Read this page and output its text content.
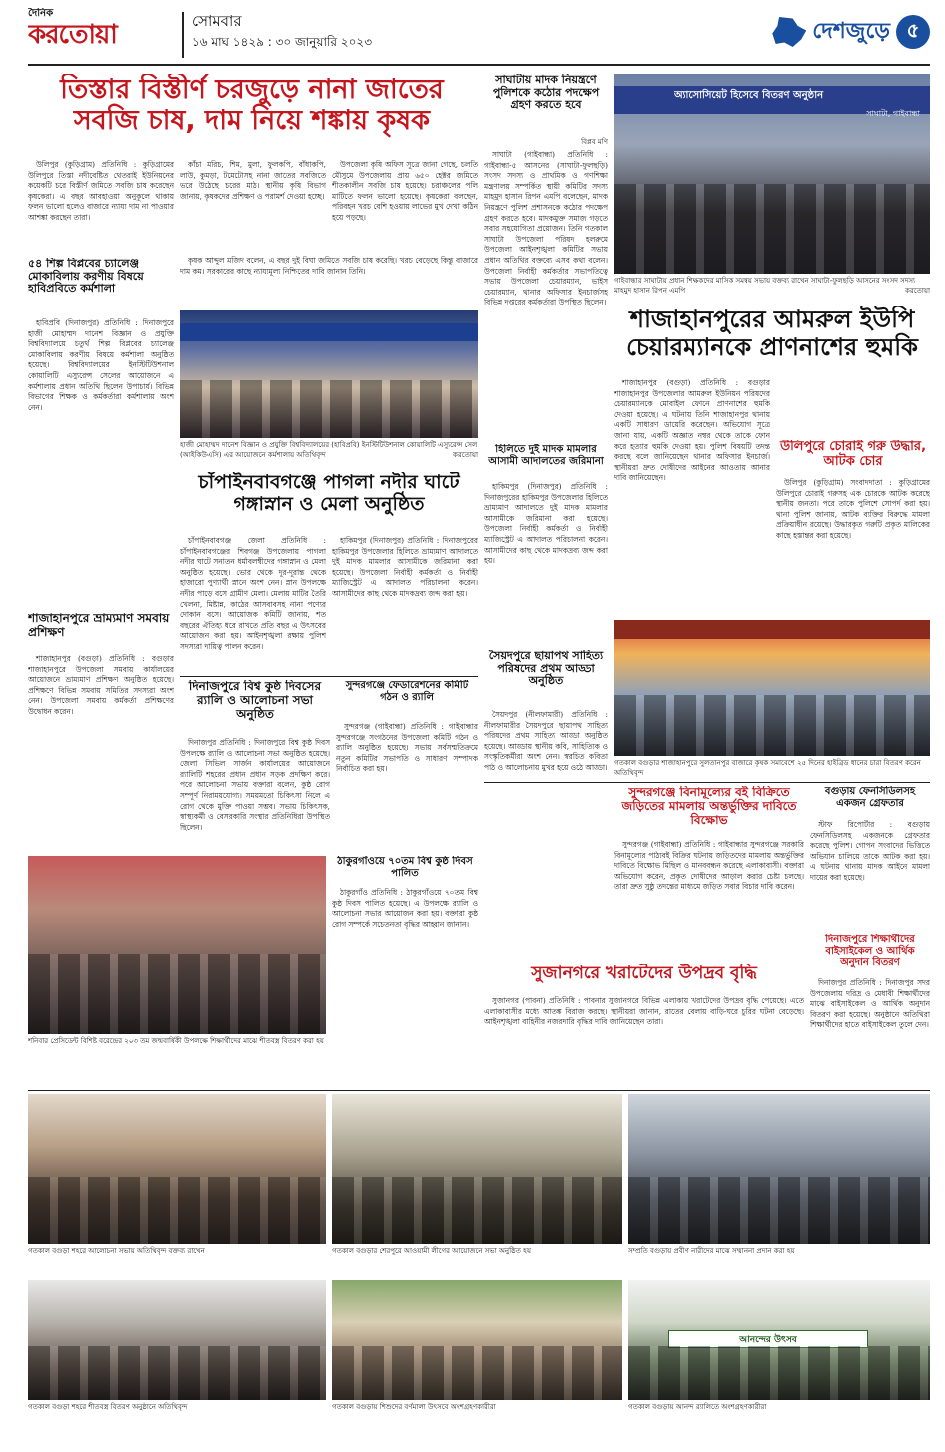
দৈনিক
করতোয়া	সোমবার
১৬ মাঘ ১৪২৯ : ৩০ জানুয়ারি ২০২৩	দেশজুড়ে ৫
তিস্তার বিস্তীর্ণ চরজুড়ে নানা জাতের সবজি চাষ, দাম নিয়ে শঙ্কায় কৃষক

উলিপুর (কুড়িগ্রাম) প্রতিনিধি : কুড়িগ্রামের উলিপুরে তিস্তা নদীবেষ্টিত থেতরাই ইউনিয়নের কয়েকটি চরে বিস্তীর্ণ জমিতে সবজি চাষ করেছেন কৃষকেরা। এ বছর আবহাওয়া অনুকূলে থাকায় ফলন ভালো হলেও বাজারে ন্যায্য দাম না পাওয়ার আশঙ্কা করছেন তারা।

কাঁচা মরিচ, শিম, মুলা, ফুলকপি, বাঁধাকপি, লাউ, কুমড়া, টমেটোসহ নানা জাতের সবজিতে ভরে উঠেছে চরের মাঠ। স্থানীয় কৃষি বিভাগ জানায়, কৃষকদের প্রশিক্ষণ ও পরামর্শ দেওয়া হচ্ছে।

উপজেলা কৃষি অফিস সূত্রে জানা গেছে, চলতি মৌসুমে উপজেলায় প্রায় ৬৫০ হেক্টর জমিতে শীতকালীন সবজি চাষ হয়েছে। চরাঞ্চলের পলি মাটিতে ফলন ভালো হয়েছে। কৃষকেরা বলছেন, পরিবহন খরচ বেশি হওয়ায় লাভের মুখ দেখা কঠিন হয়ে পড়ছে।

কৃষক আব্দুল মজিদ বলেন, এ বছর দুই বিঘা জমিতে সবজি চাষ করেছি। খরচ বেড়েছে কিন্তু বাজারে দাম কম। সরকারের কাছে ন্যায্যমূল্য নিশ্চিতের দাবি জানান তিনি।

৫৪ শিল্প বিপ্লবের চ্যালেঞ্জ মোকাবিলায় করণীয় বিষয়ে হাবিপ্রবিতে কর্মশালা

হাবিপ্রবি (দিনাজপুর) প্রতিনিধি : দিনাজপুরে হাজী মোহাম্মদ দানেশ বিজ্ঞান ও প্রযুক্তি বিশ্ববিদ্যালয়ে চতুর্থ শিল্প বিপ্লবের চ্যালেঞ্জ মোকাবিলায় করণীয় বিষয়ে কর্মশালা অনুষ্ঠিত হয়েছে। বিশ্ববিদ্যালয়ের ইনস্টিটিউশনাল কোয়ালিটি এস্যুরেন্স সেলের আয়োজনে এ কর্মশালায় প্রধান অতিথি ছিলেন উপাচার্য। বিভিন্ন বিভাগের শিক্ষক ও কর্মকর্তারা কর্মশালায় অংশ নেন।

হাজী মোহাম্মদ দানেশ বিজ্ঞান ও প্রযুক্তি বিশ্ববিদ্যালয়ের (হাবিপ্রবি) ইনস্টিটিউশনাল কোয়ালিটি এস্যুরেন্স সেল (আইকিউএসি) এর আয়োজনে কর্মশালায় অতিথিবৃন্দ	করতোয়া
চাঁপাইনবাবগঞ্জে পাগলা নদীর ঘাটে গঙ্গাস্নান ও মেলা অনুষ্ঠিত

চাঁপাইনবাবগঞ্জ জেলা প্রতিনিধি : চাঁপাইনবাবগঞ্জের শিবগঞ্জ উপজেলায় পাগলা নদীর ঘাটে সনাতন ধর্মাবলম্বীদের গঙ্গাস্নান ও মেলা অনুষ্ঠিত হয়েছে। ভোর থেকে দূর-দূরান্ত থেকে হাজারো পুণ্যার্থী স্নানে অংশ নেন। স্নান উপলক্ষে নদীর পাড়ে বসে গ্রামীণ মেলা। মেলায় মাটির তৈরি খেলনা, মিষ্টান্ন, কাঠের আসবাবসহ নানা পণ্যের দোকান বসে। আয়োজক কমিটি জানায়, শত বছরের ঐতিহ্য ধরে রাখতে প্রতি বছর এ উৎসবের আয়োজন করা হয়। আইনশৃঙ্খলা রক্ষায় পুলিশ সদস্যরা দায়িত্ব পালন করেন।

হাকিমপুর (দিনাজপুর) প্রতিনিধি : দিনাজপুরের হাকিমপুর উপজেলার হিলিতে ভ্রাম্যমাণ আদালতে দুই মাদক মামলার আসামীকে জরিমানা করা হয়েছে। উপজেলা নির্বাহী কর্মকর্তা ও নির্বাহী ম্যাজিস্ট্রেট এ আদালত পরিচালনা করেন। আসামীদের কাছ থেকে মাদকদ্রব্য জব্দ করা হয়।

শাজাহানপুরে ভ্রাম্যমাণ সমবায় প্রশিক্ষণ

শাজাহানপুর (বগুড়া) প্রতিনিধি : বগুড়ার শাজাহানপুরে উপজেলা সমবায় কার্যালয়ের আয়োজনে ভ্রাম্যমাণ প্রশিক্ষণ অনুষ্ঠিত হয়েছে। প্রশিক্ষণে বিভিন্ন সমবায় সমিতির সদস্যরা অংশ নেন। উপজেলা সমবায় কর্মকর্তা প্রশিক্ষণের উদ্বোধন করেন।

দিনাজপুরে বিশ্ব কুষ্ঠ দিবসের র‌্যালি ও আলোচনা সভা অনুষ্ঠিত

দিনাজপুর প্রতিনিধি : দিনাজপুরে বিশ্ব কুষ্ঠ দিবস উপলক্ষে র‌্যালি ও আলোচনা সভা অনুষ্ঠিত হয়েছে। জেলা সিভিল সার্জন কার্যালয়ের আয়োজনে র‌্যালিটি শহরের প্রধান প্রধান সড়ক প্রদক্ষিণ করে। পরে আলোচনা সভায় বক্তারা বলেন, কুষ্ঠ রোগ সম্পূর্ণ নিরাময়যোগ্য। সময়মতো চিকিৎসা নিলে এ রোগ থেকে মুক্তি পাওয়া সম্ভব। সভায় চিকিৎসক, স্বাস্থ্যকর্মী ও বেসরকারি সংস্থার প্রতিনিধিরা উপস্থিত ছিলেন।

সুন্দরগঞ্জে ফেডারেশনের কমিটি গঠন ও র‌্যালি

সুন্দরগঞ্জ (গাইবান্ধা) প্রতিনিধি : গাইবান্ধার সুন্দরগঞ্জে সংগঠনের উপজেলা কমিটি গঠন ও র‌্যালি অনুষ্ঠিত হয়েছে। সভায় সর্বসম্মতিক্রমে নতুন কমিটির সভাপতি ও সাধারণ সম্পাদক নির্বাচিত করা হয়।

শনিবার প্রেসিডেন্ট বিশিষ্ট বরেন্দ্রের ২০৩ তম জন্মবার্ষিকী উপলক্ষে শিক্ষার্থীদের মাঝে শীতবস্ত্র বিতরণ করা হয়
ঠাকুরগাঁওয়ে ৭০তম বিশ্ব কুষ্ঠ দিবস পালিত

ঠাকুরগাঁও প্রতিনিধি : ঠাকুরগাঁওয়ে ৭০তম বিশ্ব কুষ্ঠ দিবস পালিত হয়েছে। এ উপলক্ষে র‌্যালি ও আলোচনা সভার আয়োজন করা হয়। বক্তারা কুষ্ঠ রোগ সম্পর্কে সচেতনতা বৃদ্ধির আহ্বান জানান।

সাঘাটায় মাদক নিয়ন্ত্রণে পুলিশকে কঠোর পদক্ষেপ গ্রহণ করতে হবে
বিপ্লব মণি

সাঘাটা (গাইবান্ধা) প্রতিনিধি : গাইবান্ধা-৫ আসনের (সাঘাটা-ফুলছড়ি) সংসদ সদস্য ও প্রাথমিক ও গণশিক্ষা মন্ত্রণালয় সম্পর্কিত স্থায়ী কমিটির সদস্য মাহমুদ হাসান রিপন এমপি বলেছেন, মাদক নিয়ন্ত্রণে পুলিশ প্রশাসনকে কঠোর পদক্ষেপ গ্রহণ করতে হবে। মাদকমুক্ত সমাজ গড়তে সবার সহযোগিতা প্রয়োজন। তিনি গতকাল সাঘাটা উপজেলা পরিষদ হলরুমে উপজেলা আইনশৃঙ্খলা কমিটির সভায় প্রধান অতিথির বক্তব্যে এসব কথা বলেন। উপজেলা নির্বাহী কর্মকর্তার সভাপতিত্বে সভায় উপজেলা চেয়ারম্যান, ভাইস চেয়ারম্যান, থানার অফিসার ইনচার্জসহ বিভিন্ন দপ্তরের কর্মকর্তারা উপস্থিত ছিলেন।

অ্যাসোসিয়েট হিসেবে বিতরণ অনুষ্ঠান
সাঘাটা, গাইবান্ধা
গাইবান্ধার সাঘাটায় প্রধান শিক্ষকদের মাসিক সমন্বয় সভায় বক্তব্য রাখেন সাঘাটা-ফুলছড়ি আসনের সংসদ সদস্য মাহমুদ হাসান রিপন এমপি	করতোয়া
শাজাহানপুরের আমরুল ইউপি চেয়ারম্যানকে প্রাণনাশের হুমকি

শাজাহানপুর (বগুড়া) প্রতিনিধি : বগুড়ার শাজাহানপুর উপজেলার আমরুল ইউনিয়ন পরিষদের চেয়ারম্যানকে মোবাইল ফোনে প্রাণনাশের হুমকি দেওয়া হয়েছে। এ ঘটনায় তিনি শাজাহানপুর থানায় একটি সাধারণ ডায়েরি করেছেন। অভিযোগ সূত্রে জানা যায়, একটি অজ্ঞাত নম্বর থেকে তাকে ফোন করে হত্যার হুমকি দেওয়া হয়। পুলিশ বিষয়টি তদন্ত করছে বলে জানিয়েছেন থানার অফিসার ইনচার্জ। স্থানীয়রা দ্রুত দোষীদের আইনের আওতায় আনার দাবি জানিয়েছেন।

উলিপুরে চোরাই গরু উদ্ধার, আটক চোর

উলিপুর (কুড়িগ্রাম) সংবাদদাতা : কুড়িগ্রামের উলিপুরে চোরাই গরুসহ এক চোরকে আটক করেছে স্থানীয় জনতা। পরে তাকে পুলিশে সোপর্দ করা হয়। থানা পুলিশ জানায়, আটক ব্যক্তির বিরুদ্ধে মামলা প্রক্রিয়াধীন রয়েছে। উদ্ধারকৃত গরুটি প্রকৃত মালিকের কাছে হস্তান্তর করা হয়েছে।

হিলিতে দুই মাদক মামলার আসামী আদালতের জরিমানা

হাকিমপুর (দিনাজপুর) প্রতিনিধি : দিনাজপুরের হাকিমপুর উপজেলার হিলিতে ভ্রাম্যমাণ আদালতে দুই মাদক মামলার আসামীকে জরিমানা করা হয়েছে। উপজেলা নির্বাহী কর্মকর্তা ও নির্বাহী ম্যাজিস্ট্রেট এ আদালত পরিচালনা করেন। আসামীদের কাছ থেকে মাদকদ্রব্য জব্দ করা হয়।

সৈয়দপুরে ছায়াপথ সাহিত্য পরিষদের প্রথম আড্ডা অনুষ্ঠিত

সৈয়দপুর (নীলফামারী) প্রতিনিধি : নীলফামারীর সৈয়দপুরে ছায়াপথ সাহিত্য পরিষদের প্রথম সাহিত্য আড্ডা অনুষ্ঠিত হয়েছে। আড্ডায় স্থানীয় কবি, সাহিত্যিক ও সংস্কৃতিকর্মীরা অংশ নেন। স্বরচিত কবিতা পাঠ ও আলোচনায় মুখর হয়ে ওঠে আড্ডা। গতকাল বগুড়ার শাজাহানপুরে সুলতানপুর বাজারে কৃষক সমাবেশে ২৫ দিনের হাইব্রিড ধানের চারা বিতরণ করেন অতিথিবৃন্দ
সুন্দরগঞ্জে বিনামূল্যের বই বিক্রিতে জড়িতের মামলায় অন্তর্ভুক্তির দাবিতে বিক্ষোভ

সুন্দরগঞ্জ (গাইবান্ধা) প্রতিনিধি : গাইবান্ধার সুন্দরগঞ্জে সরকারি বিনামূল্যের পাঠ্যবই বিক্রির ঘটনায় জড়িতদের মামলায় অন্তর্ভুক্তির দাবিতে বিক্ষোভ মিছিল ও মানববন্ধন করেছে এলাকাবাসী। বক্তারা অভিযোগ করেন, প্রকৃত দোষীদের আড়াল করার চেষ্টা চলছে। তারা দ্রুত সুষ্ঠু তদন্তের মাধ্যমে জড়িত সবার বিচার দাবি করেন।

বগুড়ায় ফেনসিডিলসহ একজন গ্রেফতার

স্টাফ রিপোর্টার : বগুড়ায় ফেনসিডিলসহ একজনকে গ্রেফতার করেছে পুলিশ। গোপন সংবাদের ভিত্তিতে অভিযান চালিয়ে তাকে আটক করা হয়। এ ঘটনায় থানায় মাদক আইনে মামলা দায়ের করা হয়েছে।

দিনাজপুরে শিক্ষার্থীদের বাইসাইকেল ও আর্থিক অনুদান বিতরণ

দিনাজপুর প্রতিনিধি : দিনাজপুর সদর উপজেলায় দরিদ্র ও মেধাবী শিক্ষার্থীদের মাঝে বাইসাইকেল ও আর্থিক অনুদান বিতরণ করা হয়েছে। অনুষ্ঠানে অতিথিরা শিক্ষার্থীদের হাতে বাইসাইকেল তুলে দেন।

সুজানগরে খরাটেদের উপদ্রব বৃদ্ধি

সুজানগর (পাবনা) প্রতিনিধি : পাবনার সুজানগরে বিভিন্ন এলাকায় খরাটেদের উপদ্রব বৃদ্ধি পেয়েছে। এতে এলাকাবাসীর মধ্যে আতঙ্ক বিরাজ করছে। স্থানীয়রা জানান, রাতের বেলায় বাড়ি-ঘরে চুরির ঘটনা বেড়েছে। আইনশৃঙ্খলা বাহিনীর নজরদারি বৃদ্ধির দাবি জানিয়েছেন তারা।

গতকাল বগুড়া শহরে আলোচনা সভায় অতিথিবৃন্দ বক্তব্য রাখেন	গতকাল বগুড়ার শেরপুরে আওয়ামী লীগের আয়োজনে সভা অনুষ্ঠিত হয়	সম্প্রতি বগুড়ায় প্রবীণ নারীদের মাঝে সম্মাননা প্রদান করা হয়
গতকাল বগুড়া শহরে শীতবস্ত্র বিতরণ অনুষ্ঠানে অতিথিবৃন্দ	গতকাল বগুড়ায় শিশুদের বর্ণমালা উৎসবে অংশগ্রহণকারীরা
আনন্দের উৎসব
গতকাল বগুড়ায় আনন্দ র‌্যালিতে অংশগ্রহণকারীরা
